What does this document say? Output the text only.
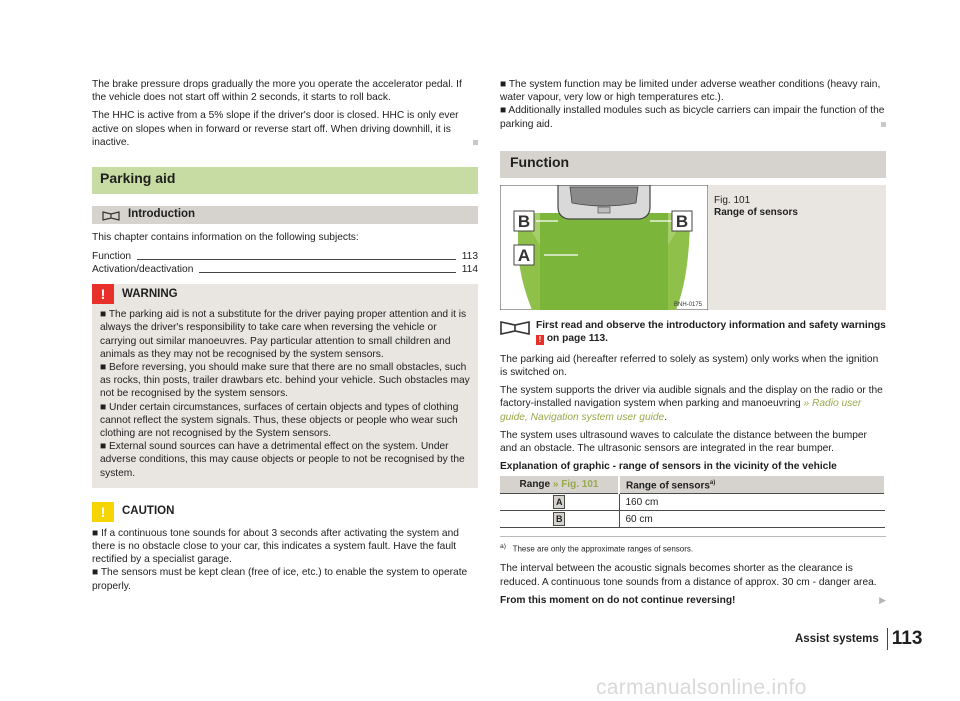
The brake pressure drops gradually the more you operate the accelerator pedal. If the vehicle does not start off within 2 seconds, it starts to roll back.

The HHC is active from a 5% slope if the driver's door is closed. HHC is only ever active on slopes when in forward or reverse start off. When driving downhill, it is inactive.

Parking aid
Introduction

This chapter contains information on the following subjects:

Function	113
Activation/deactivation	114
!	WARNING
■ The parking aid is not a substitute for the driver paying proper attention and it is always the driver's responsibility to take care when reversing the vehicle or carrying out similar manoeuvres. Pay particular attention to small children and animals as they may not be recognised by the system sensors.
■ Before reversing, you should make sure that there are no small obstacles, such as rocks, thin posts, trailer drawbars etc. behind your vehicle. Such obstacles may not be recognised by the system sensors.
■ Under certain circumstances, surfaces of certain objects and types of clothing cannot reflect the system signals. Thus, these objects or people who wear such clothing are not recognised by the System sensors.
■ External sound sources can have a detrimental effect on the system. Under adverse conditions, this may cause objects or people to not be recognised by the system.
! CAUTION
■ If a continuous tone sounds for about 3 seconds after activating the system and there is no obstacle close to your car, this indicates a system fault. Have the fault rectified by a specialist garage.
■ The sensors must be kept clean (free of ice, etc.) to enable the system to operate properly.
■ The system function may be limited under adverse weather conditions (heavy rain, water vapour, very low or high temperatures etc.).
■ Additionally installed modules such as bicycle carriers can impair the function of the parking aid.
Function
B	B
A
BNH-0175
Fig. 101
Range of sensors
First read and observe the introductory information and safety warnings ! on page 113.

The parking aid (hereafter referred to solely as system) only works when the ignition is switched on.

The system supports the driver via audible signals and the display on the radio or the factory-installed navigation system when parking and manoeuvring » Radio user guide, Navigation system user guide.

The system uses ultrasound waves to calculate the distance between the bumper and an obstacle. The ultrasonic sensors are integrated in the rear bumper.

Explanation of graphic - range of sensors in the vicinity of the vehicle

Range » Fig. 101	Range of sensors$^{a)}$
A	160 cm
B	60 cm
$^{a)}$ These are only the approximate ranges of sensors.

The interval between the acoustic signals becomes shorter as the clearance is reduced. A continuous tone sounds from a distance of approx. 30 cm - danger area.

From this moment on do not continue reversing!	▶

Assist systems 113
carmanualsonline.info
